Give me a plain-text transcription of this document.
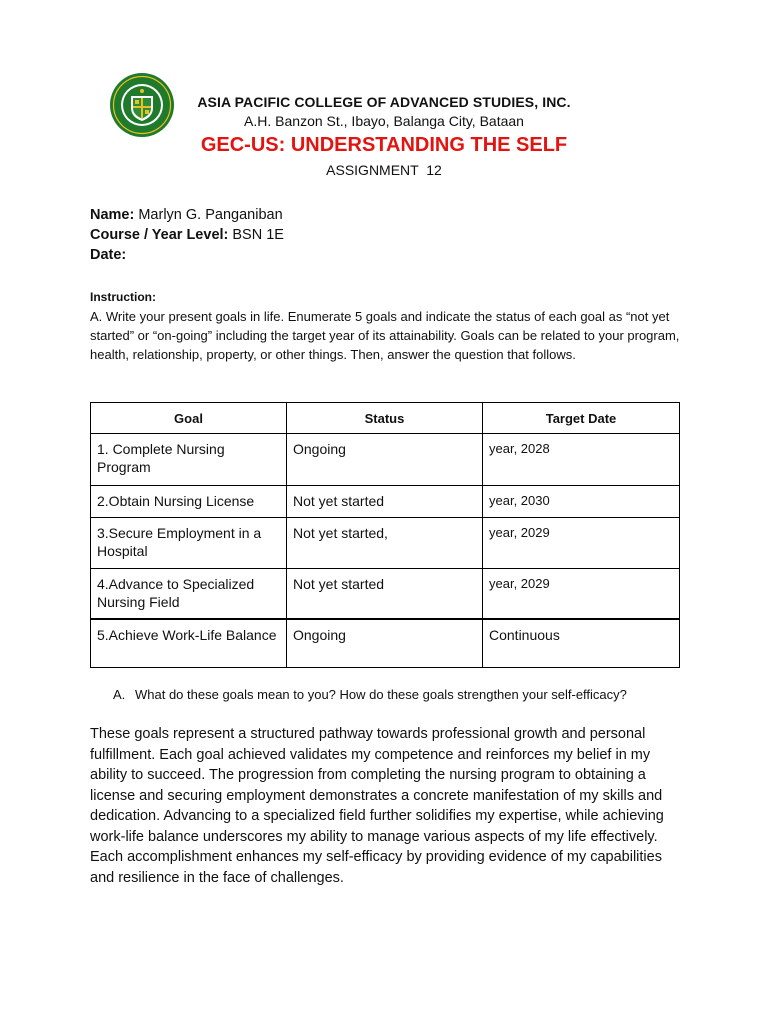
ASIA PACIFIC COLLEGE OF ADVANCED STUDIES, INC.
A.H. Banzon St., Ibayo, Balanga City, Bataan
GEC-US: UNDERSTANDING THE SELF
ASSIGNMENT  12
Name: Marlyn G. Panganiban
Course / Year Level: BSN 1E
Date:
Instruction:
A. Write your present goals in life. Enumerate 5 goals and indicate the status of each goal as “not yet started” or “on-going” including the target year of its attainability. Goals can be related to your program, health, relationship, property, or other things. Then, answer the question that follows.
Goal	Status	Target Date
1. Complete Nursing Program	Ongoing	year, 2028
2.Obtain Nursing License	Not yet started	year, 2030
3.Secure Employment in a Hospital	Not yet started,	year, 2029
4.Advance to Specialized Nursing Field	Not yet started	year, 2029
5.Achieve Work-Life Balance	Ongoing	Continuous
A. What do these goals mean to you? How do these goals strengthen your self-efficacy?
These goals represent a structured pathway towards professional growth and personal fulfillment. Each goal achieved validates my competence and reinforces my belief in my ability to succeed. The progression from completing the nursing program to obtaining a license and securing employment demonstrates a concrete manifestation of my skills and dedication. Advancing to a specialized field further solidifies my expertise, while achieving work-life balance underscores my ability to manage various aspects of my life effectively. Each accomplishment enhances my self-efficacy by providing evidence of my capabilities and resilience in the face of challenges.
